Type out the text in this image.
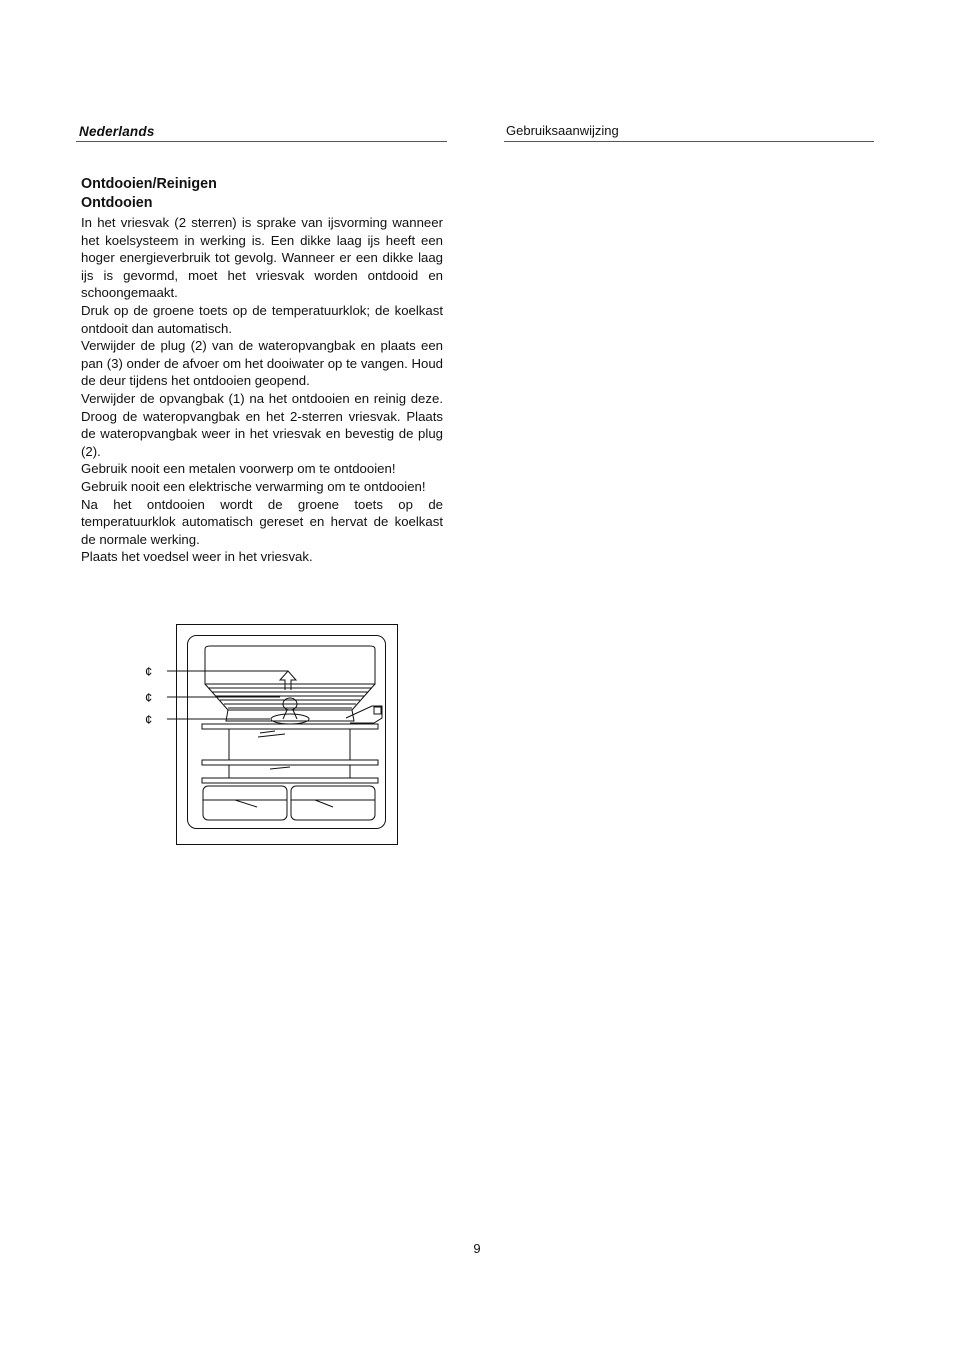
Nederlands	Gebruiksaanwijzing
Ontdooien/Reinigen
Ontdooien

In het vriesvak (2 sterren) is sprake van ijsvorming wanneer het koelsysteem in werking is. Een dikke laag ijs heeft een hoger energieverbruik tot gevolg. Wanneer er een dikke laag ijs is gevormd, moet het vriesvak worden ontdooid en schoongemaakt.

Druk op de groene toets op de temperatuurklok; de koelkast ontdooit dan automatisch.

Verwijder de plug (2) van de wateropvangbak en plaats een pan (3) onder de afvoer om het dooiwater op te vangen. Houd de deur tijdens het ontdooien geopend.

Verwijder de opvangbak (1) na het ontdooien en reinig deze. Droog de wateropvangbak en het 2-sterren vriesvak. Plaats de wateropvangbak weer in het vriesvak en bevestig de plug (2).

Gebruik nooit een metalen voorwerp om te ontdooien!

Gebruik nooit een elektrische verwarming om te ontdooien!

Na het ontdooien wordt de groene toets op de temperatuurklok automatisch gereset en hervat de koelkast de normale werking.

Plaats het voedsel weer in het vriesvak.

¢
¢
¢
9
